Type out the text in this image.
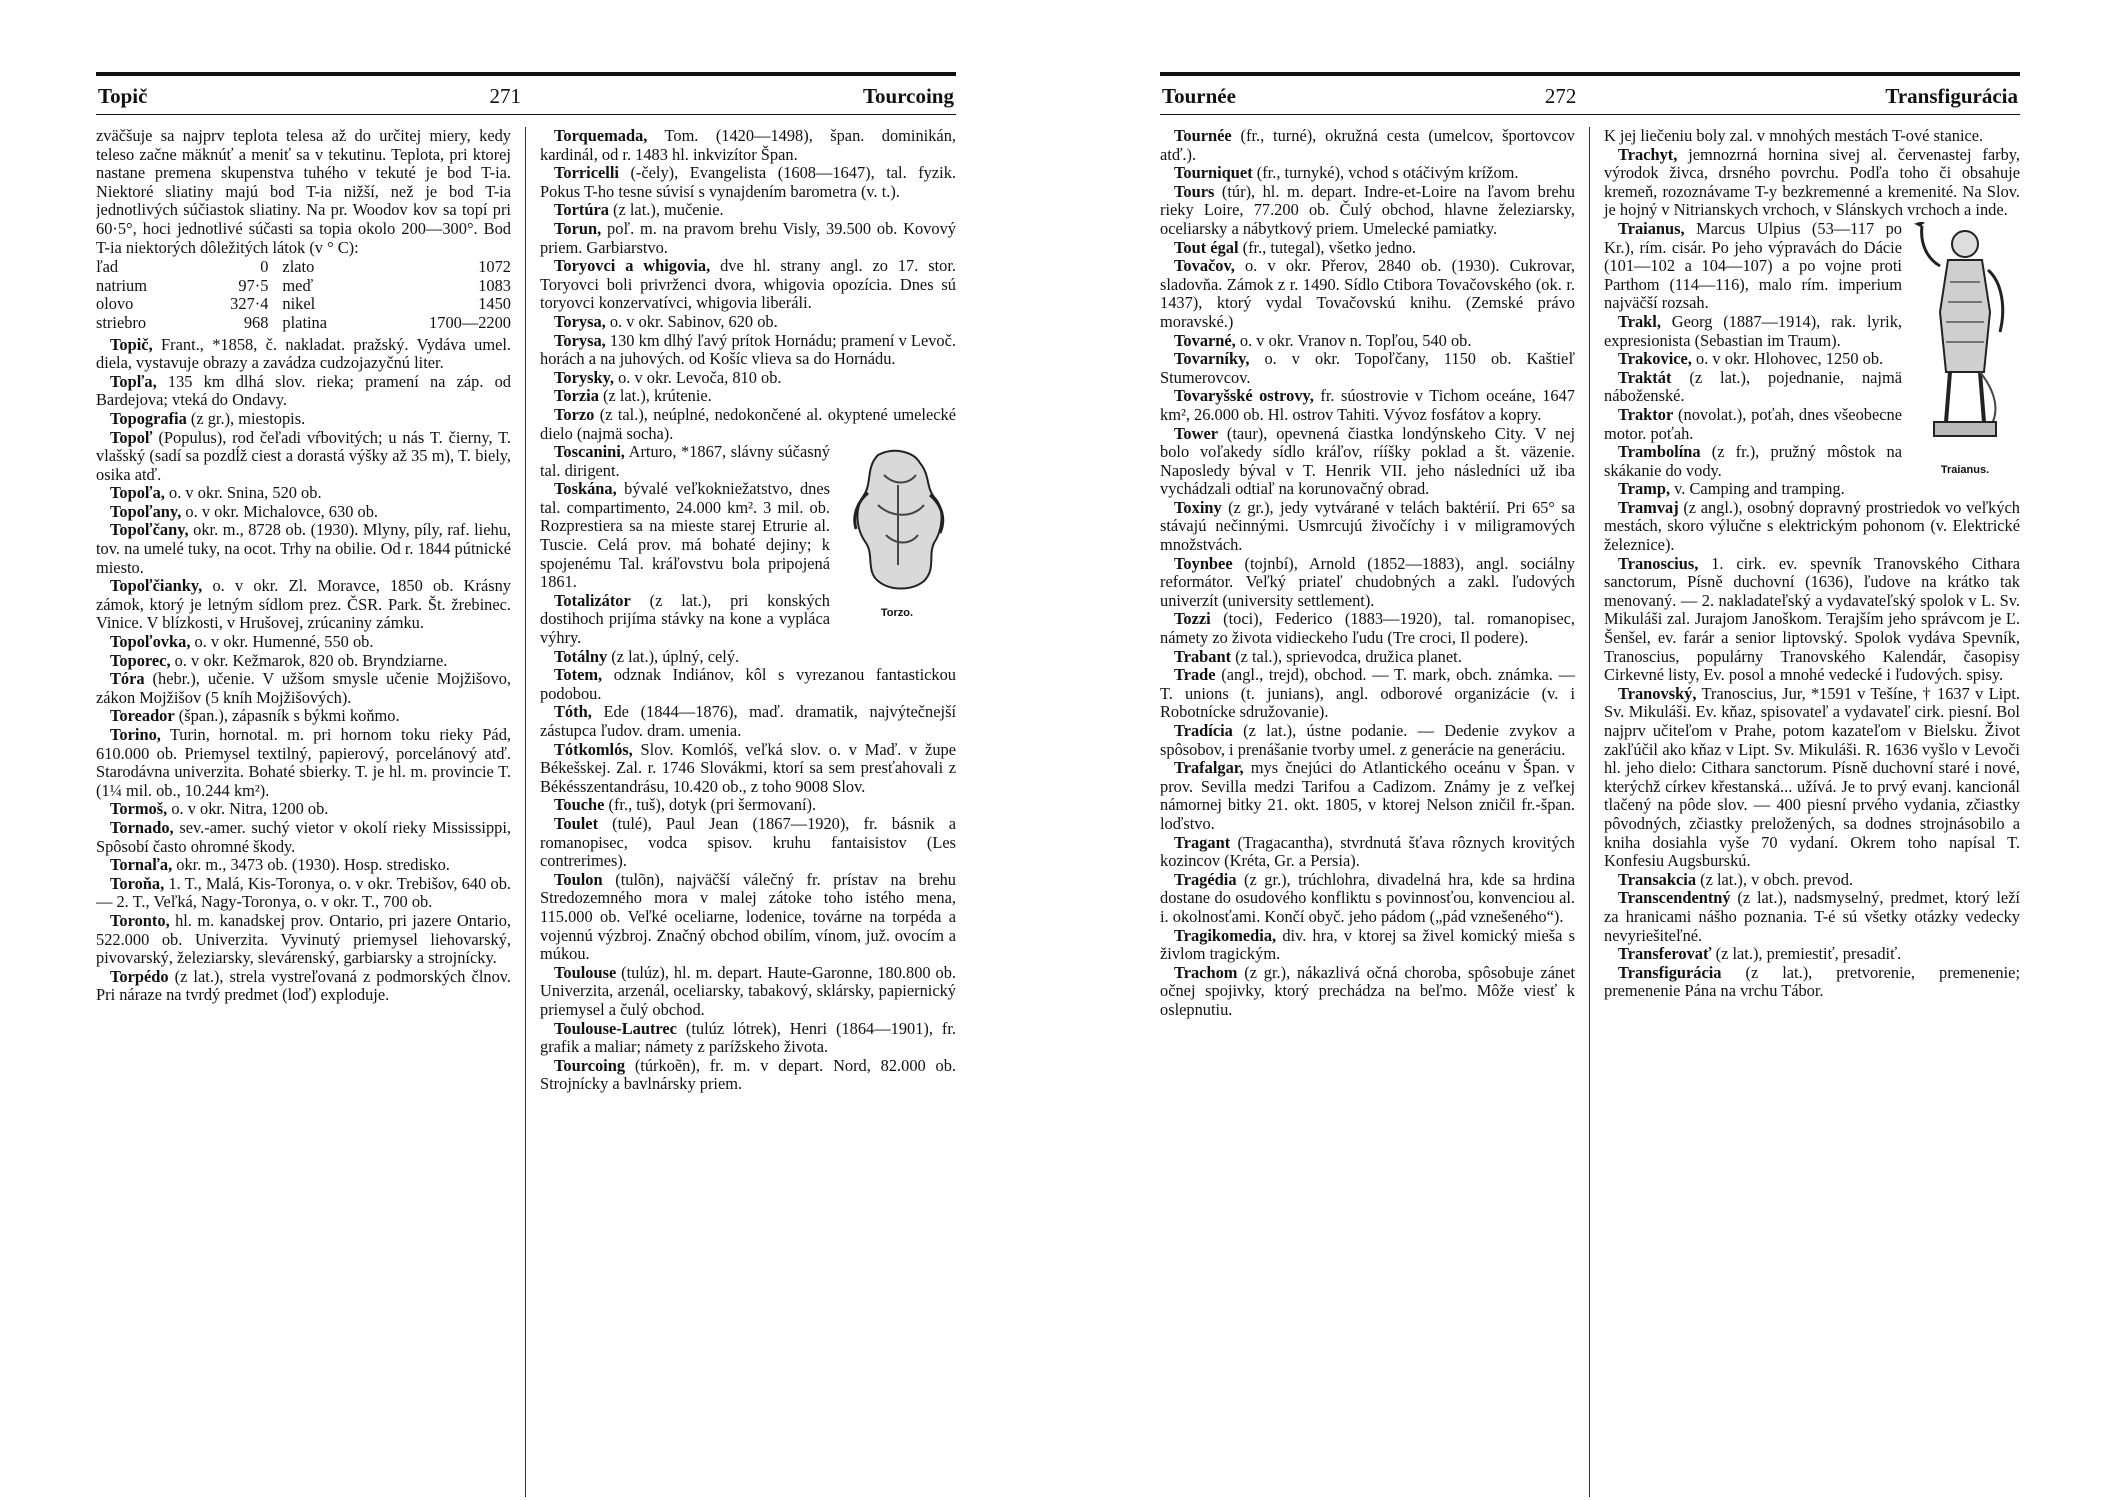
Topič	271	Tourcoing

zväčšuje sa najprv teplota telesa až do určitej miery, kedy teleso začne mäknúť a meniť sa v tekutinu. Teplota, pri ktorej nastane premena skupenstva tuhého v tekuté je bod T-ia. Niektoré sliatiny majú bod T-ia nižší, než je bod T-ia jednotlivých súčiastok sliatiny. Na pr. Woodov kov sa topí pri 60·5°, hoci jednotlivé súčasti sa topia okolo 200—300°. Bod T-ia niektorých dôležitých látok (v ° C):

ľad	0	zlato	1072
natrium	97·5	meď	1083
olovo	327·4	nikel	1450
striebro	968	platina	1700—2200

Topič, Frant., *1858, č. nakladat. pražský. Vydáva umel. diela, vystavuje obrazy a zavádza cudzojazyčnú liter.

Topľa, 135 km dlhá slov. rieka; pramení na záp. od Bardejova; vteká do Ondavy.

Topografia (z gr.), miestopis.

Topoľ (Populus), rod čeľadi vŕbovitých; u nás T. čierny, T. vlašský (sadí sa pozdĺž ciest a dorastá výšky až 35 m), T. biely, osika atď.

Topoľa, o. v okr. Snina, 520 ob.

Topoľany, o. v okr. Michalovce, 630 ob.

Topoľčany, okr. m., 8728 ob. (1930). Mlyny, píly, raf. liehu, tov. na umelé tuky, na ocot. Trhy na obilie. Od r. 1844 pútnické miesto.

Topoľčianky, o. v okr. Zl. Moravce, 1850 ob. Krásny zámok, ktorý je letným sídlom prez. ČSR. Park. Št. žrebinec. Vinice. V blízkosti, v Hrušovej, zrúcaniny zámku.

Topoľovka, o. v okr. Humenné, 550 ob.

Toporec, o. v okr. Kežmarok, 820 ob. Bryndziarne.

Tóra (hebr.), učenie. V užšom smysle učenie Mojžišovo, zákon Mojžišov (5 kníh Mojžišových).

Toreador (špan.), zápasník s býkmi koňmo.

Torino, Turin, hornotal. m. pri hornom toku rieky Pád, 610.000 ob. Priemysel textilný, papierový, porcelánový atď. Starodávna univerzita. Bohaté sbierky. T. je hl. m. provincie T. (1¼ mil. ob., 10.244 km²).

Tormoš, o. v okr. Nitra, 1200 ob.

Tornado, sev.-amer. suchý vietor v okolí rieky Mississippi, Spôsobí často ohromné škody.

Tornaľa, okr. m., 3473 ob. (1930). Hosp. stredisko.

Toroňa, 1. T., Malá, Kis-Toronya, o. v okr. Trebišov, 640 ob. — 2. T., Veľká, Nagy-Toronya, o. v okr. T., 700 ob.

Toronto, hl. m. kanadskej prov. Ontario, pri jazere Ontario, 522.000 ob. Univerzita. Vyvinutý priemysel liehovarský, pivovarský, železiarsky, slevárenský, garbiarsky a strojnícky.

Torpédo (z lat.), strela vystreľovaná z podmorských člnov. Pri náraze na tvrdý predmet (loď) exploduje.

Torquemada, Tom. (1420—1498), špan. dominikán, kardinál, od r. 1483 hl. inkvizítor Špan.

Torricelli (-čely), Evangelista (1608—1647), tal. fyzik. Pokus T-ho tesne súvisí s vynajdením barometra (v. t.).

Tortúra (z lat.), mučenie.

Torun, poľ. m. na pravom brehu Visly, 39.500 ob. Kovový priem. Garbiarstvo.

Toryovci a whigovia, dve hl. strany angl. zo 17. stor. Toryovci boli privrženci dvora, whigovia opozícia. Dnes sú toryovci konzervatívci, whigovia liberáli.

Torysa, o. v okr. Sabinov, 620 ob.

Torysa, 130 km dlhý ľavý prítok Hornádu; pramení v Levoč. horách a na juhových. od Košíc vlieva sa do Hornádu.

Torysky, o. v okr. Levoča, 810 ob.

Torzia (z lat.), krútenie.

Torzo (z tal.), neúplné, nedokončené al. okyptené umelecké dielo (najmä socha).

Torzo.

Toscanini, Arturo, *1867, slávny súčasný tal. dirigent.

Toskána, bývalé veľkokniežatstvo, dnes tal. compartimento, 24.000 km². 3 mil. ob. Rozprestiera sa na mieste starej Etrurie al. Tuscie. Celá prov. má bohaté dejiny; k spojenému Tal. kráľovstvu bola pripojená 1861.

Totalizátor (z lat.), pri konských dostihoch prijíma stávky na kone a vypláca výhry.

Totálny (z lat.), úplný, celý.

Totem, odznak Indiánov, kôl s vyrezanou fantastickou podobou.

Tóth, Ede (1844—1876), maď. dramatik, najvýtečnejší zástupca ľudov. dram. umenia.

Tótkomlós, Slov. Komlóš, veľká slov. o. v Maď. v župe Békešskej. Zal. r. 1746 Slovákmi, ktorí sa sem presťahovali z Békésszentandrásu, 10.420 ob., z toho 9008 Slov.

Touche (fr., tuš), dotyk (pri šermovaní).

Toulet (tulé), Paul Jean (1867—1920), fr. básnik a romanopisec, vodca spisov. kruhu fantaisistov (Les contrerimes).

Toulon (tulõn), najväčší válečný fr. prístav na brehu Stredozemného mora v malej zátoke toho istého mena, 115.000 ob. Veľké oceliarne, lodenice, továrne na torpéda a vojennú výzbroj. Značný obchod obilím, vínom, juž. ovocím a múkou.

Toulouse (tulúz), hl. m. depart. Haute-Garonne, 180.800 ob. Univerzita, arzenál, oceliarsky, tabakový, sklársky, papiernický priemysel a čulý obchod.

Toulouse-Lautrec (tulúz lótrek), Henri (1864—1901), fr. grafik a maliar; námety z parížskeho života.

Tourcoing (túrkoẽn), fr. m. v depart. Nord, 82.000 ob. Strojnícky a bavlnársky priem.

Tournée	272	Transfigurácia

Tournée (fr., turné), okružná cesta (umelcov, športovcov atď.).

Tourniquet (fr., turnyké), vchod s otáčivým krížom.

Tours (túr), hl. m. depart. Indre-et-Loire na ľavom brehu rieky Loire, 77.200 ob. Čulý obchod, hlavne železiarsky, oceliarsky a nábytkový priem. Umelecké pamiatky.

Tout égal (fr., tutegal), všetko jedno.

Tovačov, o. v okr. Přerov, 2840 ob. (1930). Cukrovar, sladovňa. Zámok z r. 1490. Sídlo Ctibora Tovačovského (ok. r. 1437), ktorý vydal Tovačovskú knihu. (Zemské právo moravské.)

Tovarné, o. v okr. Vranov n. Topľou, 540 ob.

Tovarníky, o. v okr. Topoľčany, 1150 ob. Kaštieľ Stumerovcov.

Tovaryšské ostrovy, fr. súostrovie v Tichom oceáne, 1647 km², 26.000 ob. Hl. ostrov Tahiti. Vývoz fosfátov a kopry.

Tower (taur), opevnená čiastka londýnskeho City. V nej bolo voľakedy sídlo kráľov, rííšky poklad a št. väzenie. Naposledy býval v T. Henrik VII. jeho následníci už iba vychádzali odtiaľ na korunovačný obrad.

Toxiny (z gr.), jedy vytvárané v telách baktérií. Pri 65° sa stávajú nečinnými. Usmrcujú živočíchy i v miligramových množstvách.

Toynbee (tojnbí), Arnold (1852—1883), angl. sociálny reformátor. Veľký priateľ chudobných a zakl. ľudových univerzít (university settlement).

Tozzi (toci), Federico (1883—1920), tal. romanopisec, námety zo života vidieckeho ľudu (Tre croci, Il podere).

Trabant (z tal.), sprievodca, družica planet.

Trade (angl., trejd), obchod. — T. mark, obch. známka. — T. unions (t. junians), angl. odborové organizácie (v. i Robotnícke sdružovanie).

Tradícia (z lat.), ústne podanie. — Dedenie zvykov a spôsobov, i prenášanie tvorby umel. z generácie na generáciu.

Trafalgar, mys čnejúci do Atlantického oceánu v Špan. v prov. Sevilla medzi Tarifou a Cadizom. Známy je z veľkej námornej bitky 21. okt. 1805, v ktorej Nelson zničil fr.-špan. loďstvo.

Tragant (Tragacantha), stvrdnutá šťava rôznych krovitých kozincov (Kréta, Gr. a Persia).

Tragédia (z gr.), trúchlohra, divadelná hra, kde sa hrdina dostane do osudového konfliktu s povinnosťou, konvenciou al. i. okolnosťami. Končí obyč. jeho pádom („pád vznešeného“).

Tragikomedia, div. hra, v ktorej sa živel komický mieša s živlom tragickým.

Trachom (z gr.), nákazlivá očná choroba, spôsobuje zánet očnej spojivky, ktorý prechádza na beľmo. Môže viesť k oslepnutiu.

K jej liečeniu boly zal. v mnohých mestách T-ové stanice.

Trachyt, jemnozrná hornina sivej al. červenastej farby, výrodok živca, drsného povrchu. Podľa toho či obsahuje kremeň, rozoznávame T-y bezkremenné a kremenité. Na Slov. je hojný v Nitrianskych vrchoch, v Slánskych vrchoch a inde.

Traianus.

Traianus, Marcus Ulpius (53—117 po Kr.), rím. cisár. Po jeho výpravách do Dácie (101—102 a 104—107) a po vojne proti Parthom (114—116), malo rím. imperium najväčší rozsah.

Trakl, Georg (1887—1914), rak. lyrik, expresionista (Sebastian im Traum).

Trakovice, o. v okr. Hlohovec, 1250 ob.

Traktát (z lat.), pojednanie, najmä náboženské.

Traktor (novolat.), poťah, dnes všeobecne motor. poťah.

Trambolína (z fr.), pružný môstok na skákanie do vody.

Tramp, v. Camping and tramping.

Tramvaj (z angl.), osobný dopravný prostriedok vo veľkých mestách, skoro výlučne s elektrickým pohonom (v. Elektrické železnice).

Tranoscius, 1. cirk. ev. spevník Tranovského Cithara sanctorum, Písně duchovní (1636), ľudove na krátko tak menovaný. — 2. nakladateľský a vydavateľský spolok v L. Sv. Mikuláši zal. Jurajom Janoškom. Terajším jeho správcom je Ľ. Šenšel, ev. farár a senior liptovský. Spolok vydáva Spevník, Tranoscius, populárny Tranovského Kalendár, časopisy Cirkevné listy, Ev. posol a mnohé vedecké i ľudových. spisy.

Tranovský, Tranoscius, Jur, *1591 v Tešíne, † 1637 v Lipt. Sv. Mikuláši. Ev. kňaz, spisovateľ a vydavateľ cirk. piesní. Bol najprv učiteľom v Prahe, potom kazateľom v Bielsku. Život zakľúčil ako kňaz v Lipt. Sv. Mikuláši. R. 1636 vyšlo v Levoči hl. jeho dielo: Cithara sanctorum. Písně duchovní staré i nové, kterýchž církev křestanská... užívá. Je to prvý evanj. kancionál tlačený na pôde slov. — 400 piesní prvého vydania, zčiastky pôvodných, zčiastky preložených, sa dodnes strojnásobilo a kniha dosiahla vyše 70 vydaní. Okrem toho napísal T. Konfesiu Augsburskú.

Transakcia (z lat.), v obch. prevod.

Transcendentný (z lat.), nadsmyselný, predmet, ktorý leží za hranicami nášho poznania. T-é sú všetky otázky vedecky nevyriešiteľné.

Transferovať (z lat.), premiestiť, presadiť.

Transfigurácia (z lat.), pretvorenie, premenenie; premenenie Pána na vrchu Tábor.
